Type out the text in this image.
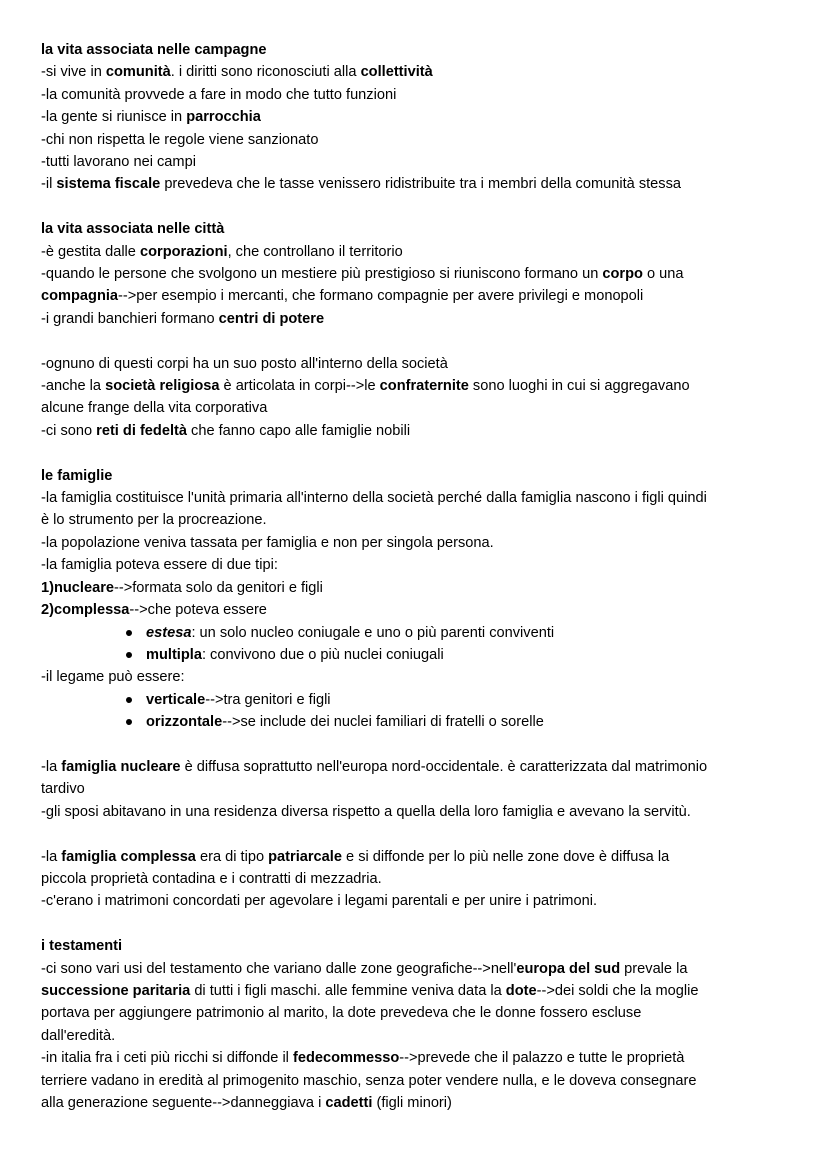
la vita associata nelle campagne
-si vive in comunità. i diritti sono riconosciuti alla collettività
-la comunità provvede a fare in modo che tutto funzioni
-la gente si riunisce in parrocchia
-chi non rispetta le regole viene sanzionato
-tutti lavorano nei campi
-il sistema fiscale prevedeva che le tasse venissero ridistribuite tra i membri della comunità stessa
la vita associata nelle città
-è gestita dalle corporazioni, che controllano il territorio
-quando le persone che svolgono un mestiere più prestigioso si riuniscono formano un corpo o una
compagnia-->per esempio i mercanti, che formano compagnie per avere privilegi e monopoli
-i grandi banchieri formano centri di potere
-ognuno di questi corpi ha un suo posto all'interno della società
-anche la società religiosa è articolata in corpi-->le confraternite sono luoghi in cui si aggregavano
alcune frange della vita corporativa
-ci sono reti di fedeltà che fanno capo alle famiglie nobili
le famiglie
-la famiglia costituisce l'unità primaria all'interno della società perché dalla famiglia nascono i figli quindi
è lo strumento per la procreazione.
-la popolazione veniva tassata per famiglia e non per singola persona.
-la famiglia poteva essere di due tipi:
1)nucleare-->formata solo da genitori e figli
2)complessa-->che poteva essere
estesa: un solo nucleo coniugale e uno o più parenti conviventi
multipla: convivono due o più nuclei coniugali
-il legame può essere:
verticale-->tra genitori e figli
orizzontale-->se include dei nuclei familiari di fratelli o sorelle
-la famiglia nucleare è diffusa soprattutto nell'europa nord-occidentale. è caratterizzata dal matrimonio
tardivo
-gli sposi abitavano in una residenza diversa rispetto a quella della loro famiglia e avevano la servitù.
-la famiglia complessa era di tipo patriarcale e si diffonde per lo più nelle zone dove è diffusa la
piccola proprietà contadina e i contratti di mezzadria.
-c'erano i matrimoni concordati per agevolare i legami parentali e per unire i patrimoni.
i testamenti
-ci sono vari usi del testamento che variano dalle zone geografiche-->nell'europa del sud prevale la
successione paritaria di tutti i figli maschi. alle femmine veniva data la dote-->dei soldi che la moglie
portava per aggiungere patrimonio al marito, la dote prevedeva che le donne fossero escluse
dall'eredità.
-in italia fra i ceti più ricchi si diffonde il fedecommesso-->prevede che il palazzo e tutte le proprietà
terriere vadano in eredità al primogenito maschio, senza poter vendere nulla, e le doveva consegnare
alla generazione seguente-->danneggiava i cadetti (figli minori)
